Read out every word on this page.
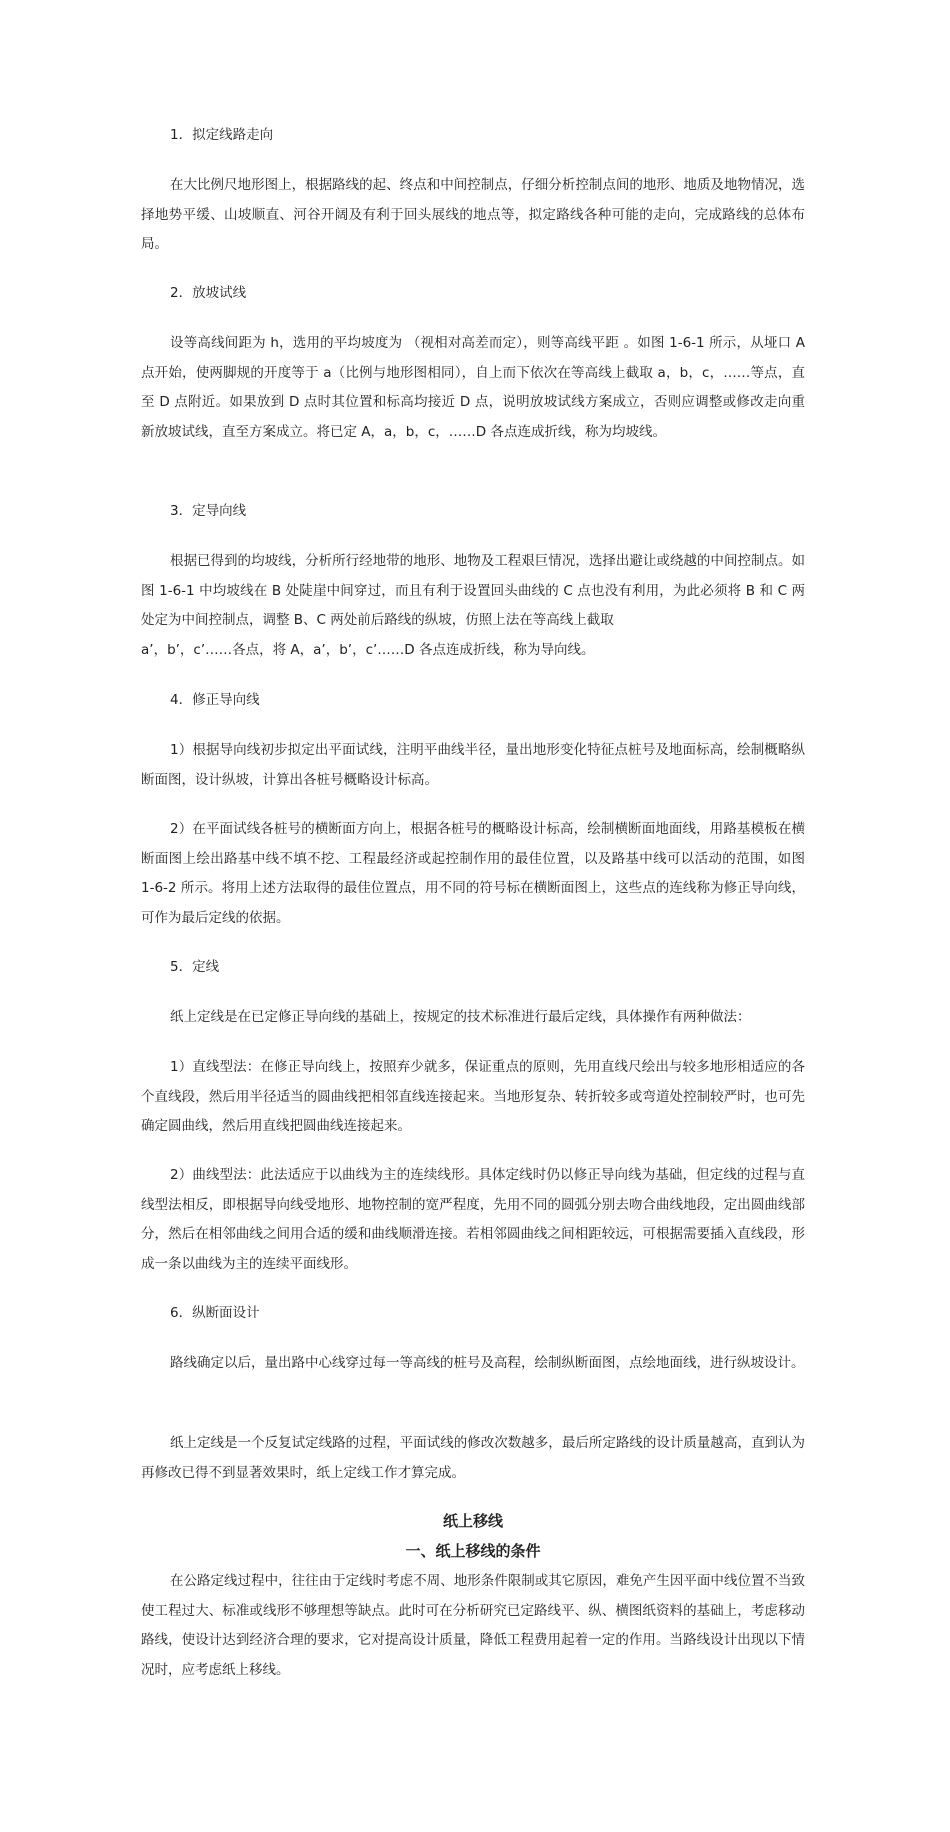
1．拟定线路走向

在大比例尺地形图上，根据路线的起、终点和中间控制点，仔细分析控制点间的地形、地质及地物情况，选择地势平缓、山坡顺直、河谷开阔及有利于回头展线的地点等，拟定路线各种可能的走向，完成路线的总体布局。

2．放坡试线

设等高线间距为 h，选用的平均坡度为 （视相对高差而定），则等高线平距 。如图 1-6-1 所示，从垭口 A 点开始，使两脚规的开度等于 a（比例与地形图相同），自上而下依次在等高线上截取 a，b，c，……等点，直至 D 点附近。如果放到 D 点时其位置和标高均接近 D 点，说明放坡试线方案成立，否则应调整或修改走向重新放坡试线，直至方案成立。将已定 A，a，b，c，……D 各点连成折线，称为均坡线。

3．定导向线

根据已得到的均坡线，分析所行经地带的地形、地物及工程艰巨情况，选择出避让或绕越的中间控制点。如图 1-6-1 中均坡线在 B 处陡崖中间穿过，而且有利于设置回头曲线的 C 点也没有利用，为此必须将 B 和 C 两处定为中间控制点，调整 B、C 两处前后路线的纵坡，仿照上法在等高线上截取

a’，b’，c’……各点，将 A，a’，b’，c’……D 各点连成折线，称为导向线。

4．修正导向线

1）根据导向线初步拟定出平面试线，注明平曲线半径，量出地形变化特征点桩号及地面标高，绘制概略纵断面图，设计纵坡，计算出各桩号概略设计标高。

2）在平面试线各桩号的横断面方向上，根据各桩号的概略设计标高，绘制横断面地面线，用路基模板在横断面图上绘出路基中线不填不挖、工程最经济或起控制作用的最佳位置，以及路基中线可以活动的范围，如图 1-6-2 所示。将用上述方法取得的最佳位置点，用不同的符号标在横断面图上，这些点的连线称为修正导向线，可作为最后定线的依据。

5．定线

纸上定线是在已定修正导向线的基础上，按规定的技术标准进行最后定线，具体操作有两种做法：

1）直线型法：在修正导向线上，按照弃少就多，保证重点的原则，先用直线尺绘出与较多地形相适应的各个直线段，然后用半径适当的圆曲线把相邻直线连接起来。当地形复杂、转折较多或弯道处控制较严时，也可先确定圆曲线，然后用直线把圆曲线连接起来。

2）曲线型法：此法适应于以曲线为主的连续线形。具体定线时仍以修正导向线为基础，但定线的过程与直线型法相反，即根据导向线受地形、地物控制的宽严程度，先用不同的圆弧分别去吻合曲线地段，定出圆曲线部分，然后在相邻曲线之间用合适的缓和曲线顺滑连接。若相邻圆曲线之间相距较远，可根据需要插入直线段，形成一条以曲线为主的连续平面线形。

6．纵断面设计

路线确定以后，量出路中心线穿过每一等高线的桩号及高程，绘制纵断面图，点绘地面线，进行纵坡设计。

纸上定线是一个反复试定线路的过程，平面试线的修改次数越多，最后所定路线的设计质量越高，直到认为再修改已得不到显著效果时，纸上定线工作才算完成。

纸上移线
一、纸上移线的条件

在公路定线过程中，往往由于定线时考虑不周、地形条件限制或其它原因，难免产生因平面中线位置不当致使工程过大、标准或线形不够理想等缺点。此时可在分析研究已定路线平、纵、横图纸资料的基础上，考虑移动路线，使设计达到经济合理的要求，它对提高设计质量，降低工程费用起着一定的作用。当路线设计出现以下情况时，应考虑纸上移线。
